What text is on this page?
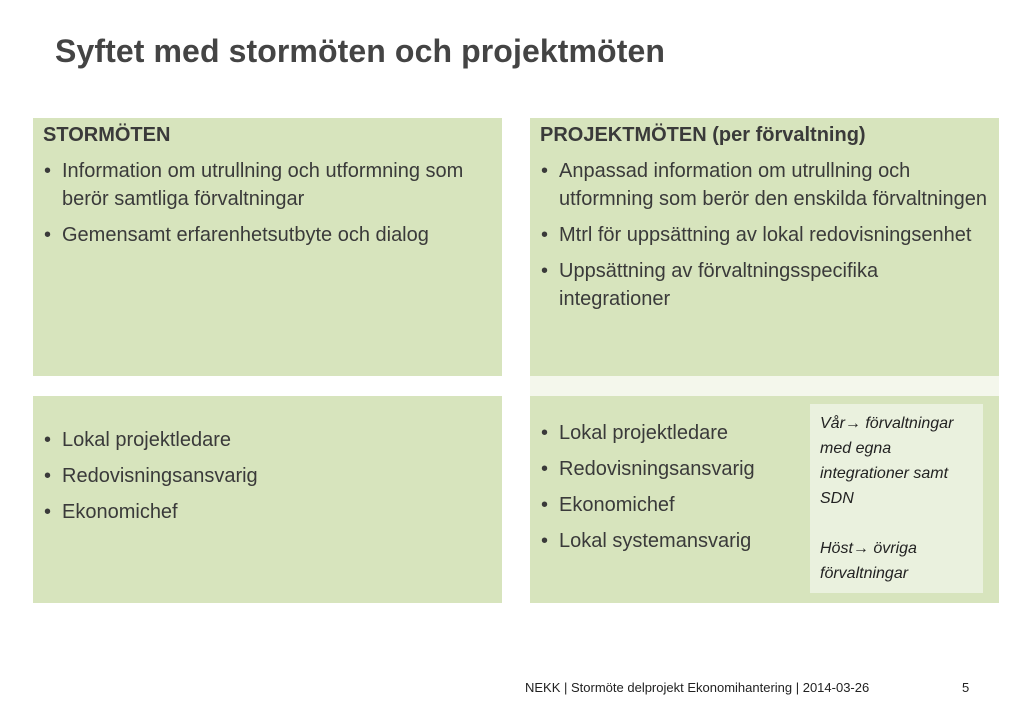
Syftet med stormöten och projektmöten
STORMÖTEN
• Information om utrullning och utformning som berör samtliga förvaltningar
• Gemensamt erfarenhetsutbyte och dialog
PROJEKTMÖTEN (per förvaltning)
• Anpassad information om utrullning och utformning som berör den enskilda förvaltningen
• Mtrl för uppsättning av lokal redovisningsenhet
• Uppsättning av förvaltningsspecifika integrationer
• Lokal projektledare
• Redovisningsansvarig
• Ekonomichef
• Lokal projektledare
• Redovisningsansvarig
• Ekonomichef
• Lokal systemansvarig

Vår→ förvaltningar med egna integrationer samt SDN

Höst→ övriga förvaltningar

NEKK | Stormöte delprojekt Ekonomihantering | 2014-03-26	5
